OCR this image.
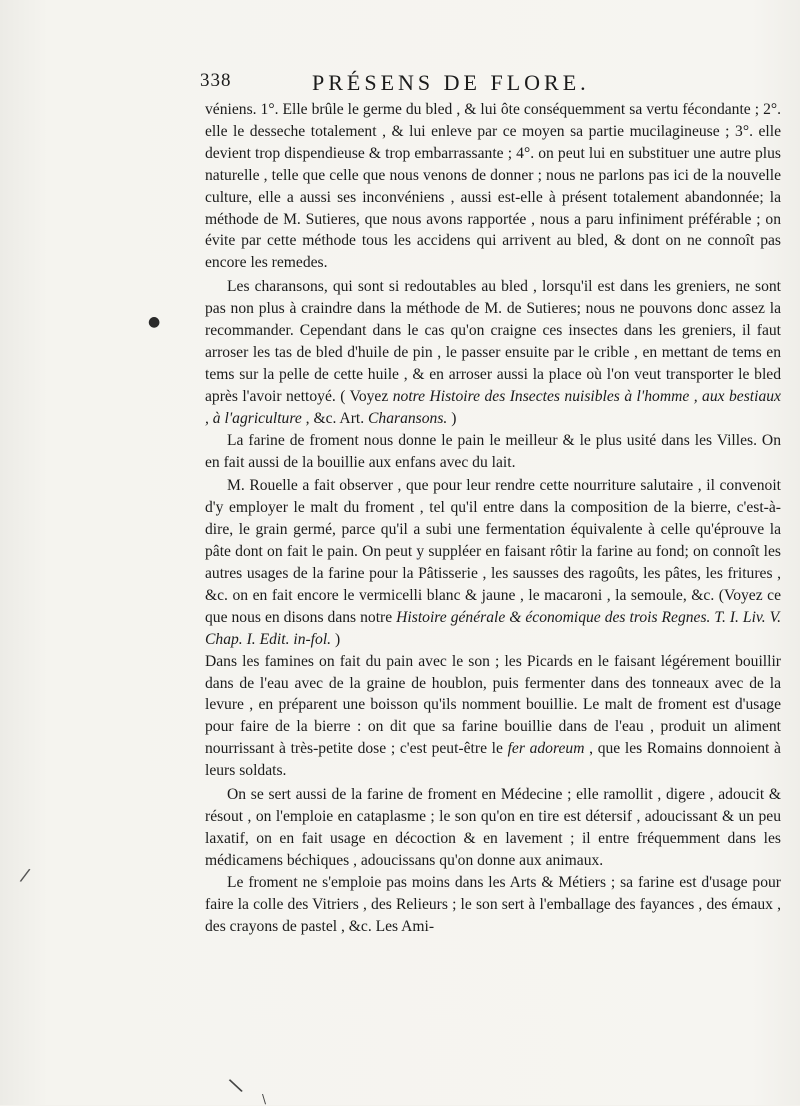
338	PRÉSENS DE FLORE.

véniens. 1°. Elle brûle le germe du bled , & lui ôte conséquemment sa vertu fécondante ; 2°. elle le desseche totalement , & lui enleve par ce moyen sa partie mucilagineuse ; 3°. elle devient trop dispendieuse & trop embarrassante ; 4°. on peut lui en substituer une autre plus naturelle , telle que celle que nous venons de donner ; nous ne parlons pas ici de la nouvelle culture, elle a aussi ses inconvéniens , aussi est-elle à présent totalement abandonnée; la méthode de M. Sutieres, que nous avons rapportée , nous a paru infiniment préférable ; on évite par cette méthode tous les accidens qui arrivent au bled, & dont on ne connoît pas encore les remedes.

Les charansons, qui sont si redoutables au bled , lorsqu'il est dans les greniers, ne sont pas non plus à craindre dans la méthode de M. de Sutieres; nous ne pouvons donc assez la recommander. Cependant dans le cas qu'on craigne ces insectes dans les greniers, il faut arroser les tas de bled d'huile de pin , le passer ensuite par le crible , en mettant de tems en tems sur la pelle de cette huile , & en arroser aussi la place où l'on veut transporter le bled après l'avoir nettoyé. ( Voyez notre Histoire des Insectes nuisibles à l'homme , aux bestiaux , à l'agriculture , &c. Art. Charansons. )

La farine de froment nous donne le pain le meilleur & le plus usité dans les Villes. On en fait aussi de la bouillie aux enfans avec du lait.

M. Rouelle a fait observer , que pour leur rendre cette nourriture salutaire , il convenoit d'y employer le malt du froment , tel qu'il entre dans la composition de la bierre, c'est-à-dire, le grain germé, parce qu'il a subi une fermentation équivalente à celle qu'éprouve la pâte dont on fait le pain. On peut y suppléer en faisant rôtir la farine au fond; on connoît les autres usages de la farine pour la Pâtisserie , les sausses des ragoûts, les pâtes, les fritures , &c. on en fait encore le vermicelli blanc & jaune , le macaroni , la semoule, &c. (Voyez ce que nous en disons dans notre Histoire générale & économique des trois Regnes. T. I. Liv. V. Chap. I. Edit. in-fol. )

Dans les famines on fait du pain avec le son ; les Picards en le faisant légérement bouillir dans de l'eau avec de la graine de houblon, puis fermenter dans des tonneaux avec de la levure , en préparent une boisson qu'ils nomment bouillie. Le malt de froment est d'usage pour faire de la bierre : on dit que sa farine bouillie dans de l'eau , produit un aliment nourrissant à très-petite dose ; c'est peut-être le fer adoreum , que les Romains donnoient à leurs soldats.

On se sert aussi de la farine de froment en Médecine ; elle ramollit , digere , adoucit & résout , on l'emploie en cataplasme ; le son qu'on en tire est détersif , adoucissant & un peu laxatif, on en fait usage en décoction & en lavement ; il entre fréquemment dans les médicamens béchiques , adoucissans qu'on donne aux animaux.

Le froment ne s'emploie pas moins dans les Arts & Métiers ; sa farine est d'usage pour faire la colle des Vitriers , des Relieurs ; le son sert à l'emballage des fayances , des émaux , des crayons de pastel , &c. Les Ami-

●
/
\
\
